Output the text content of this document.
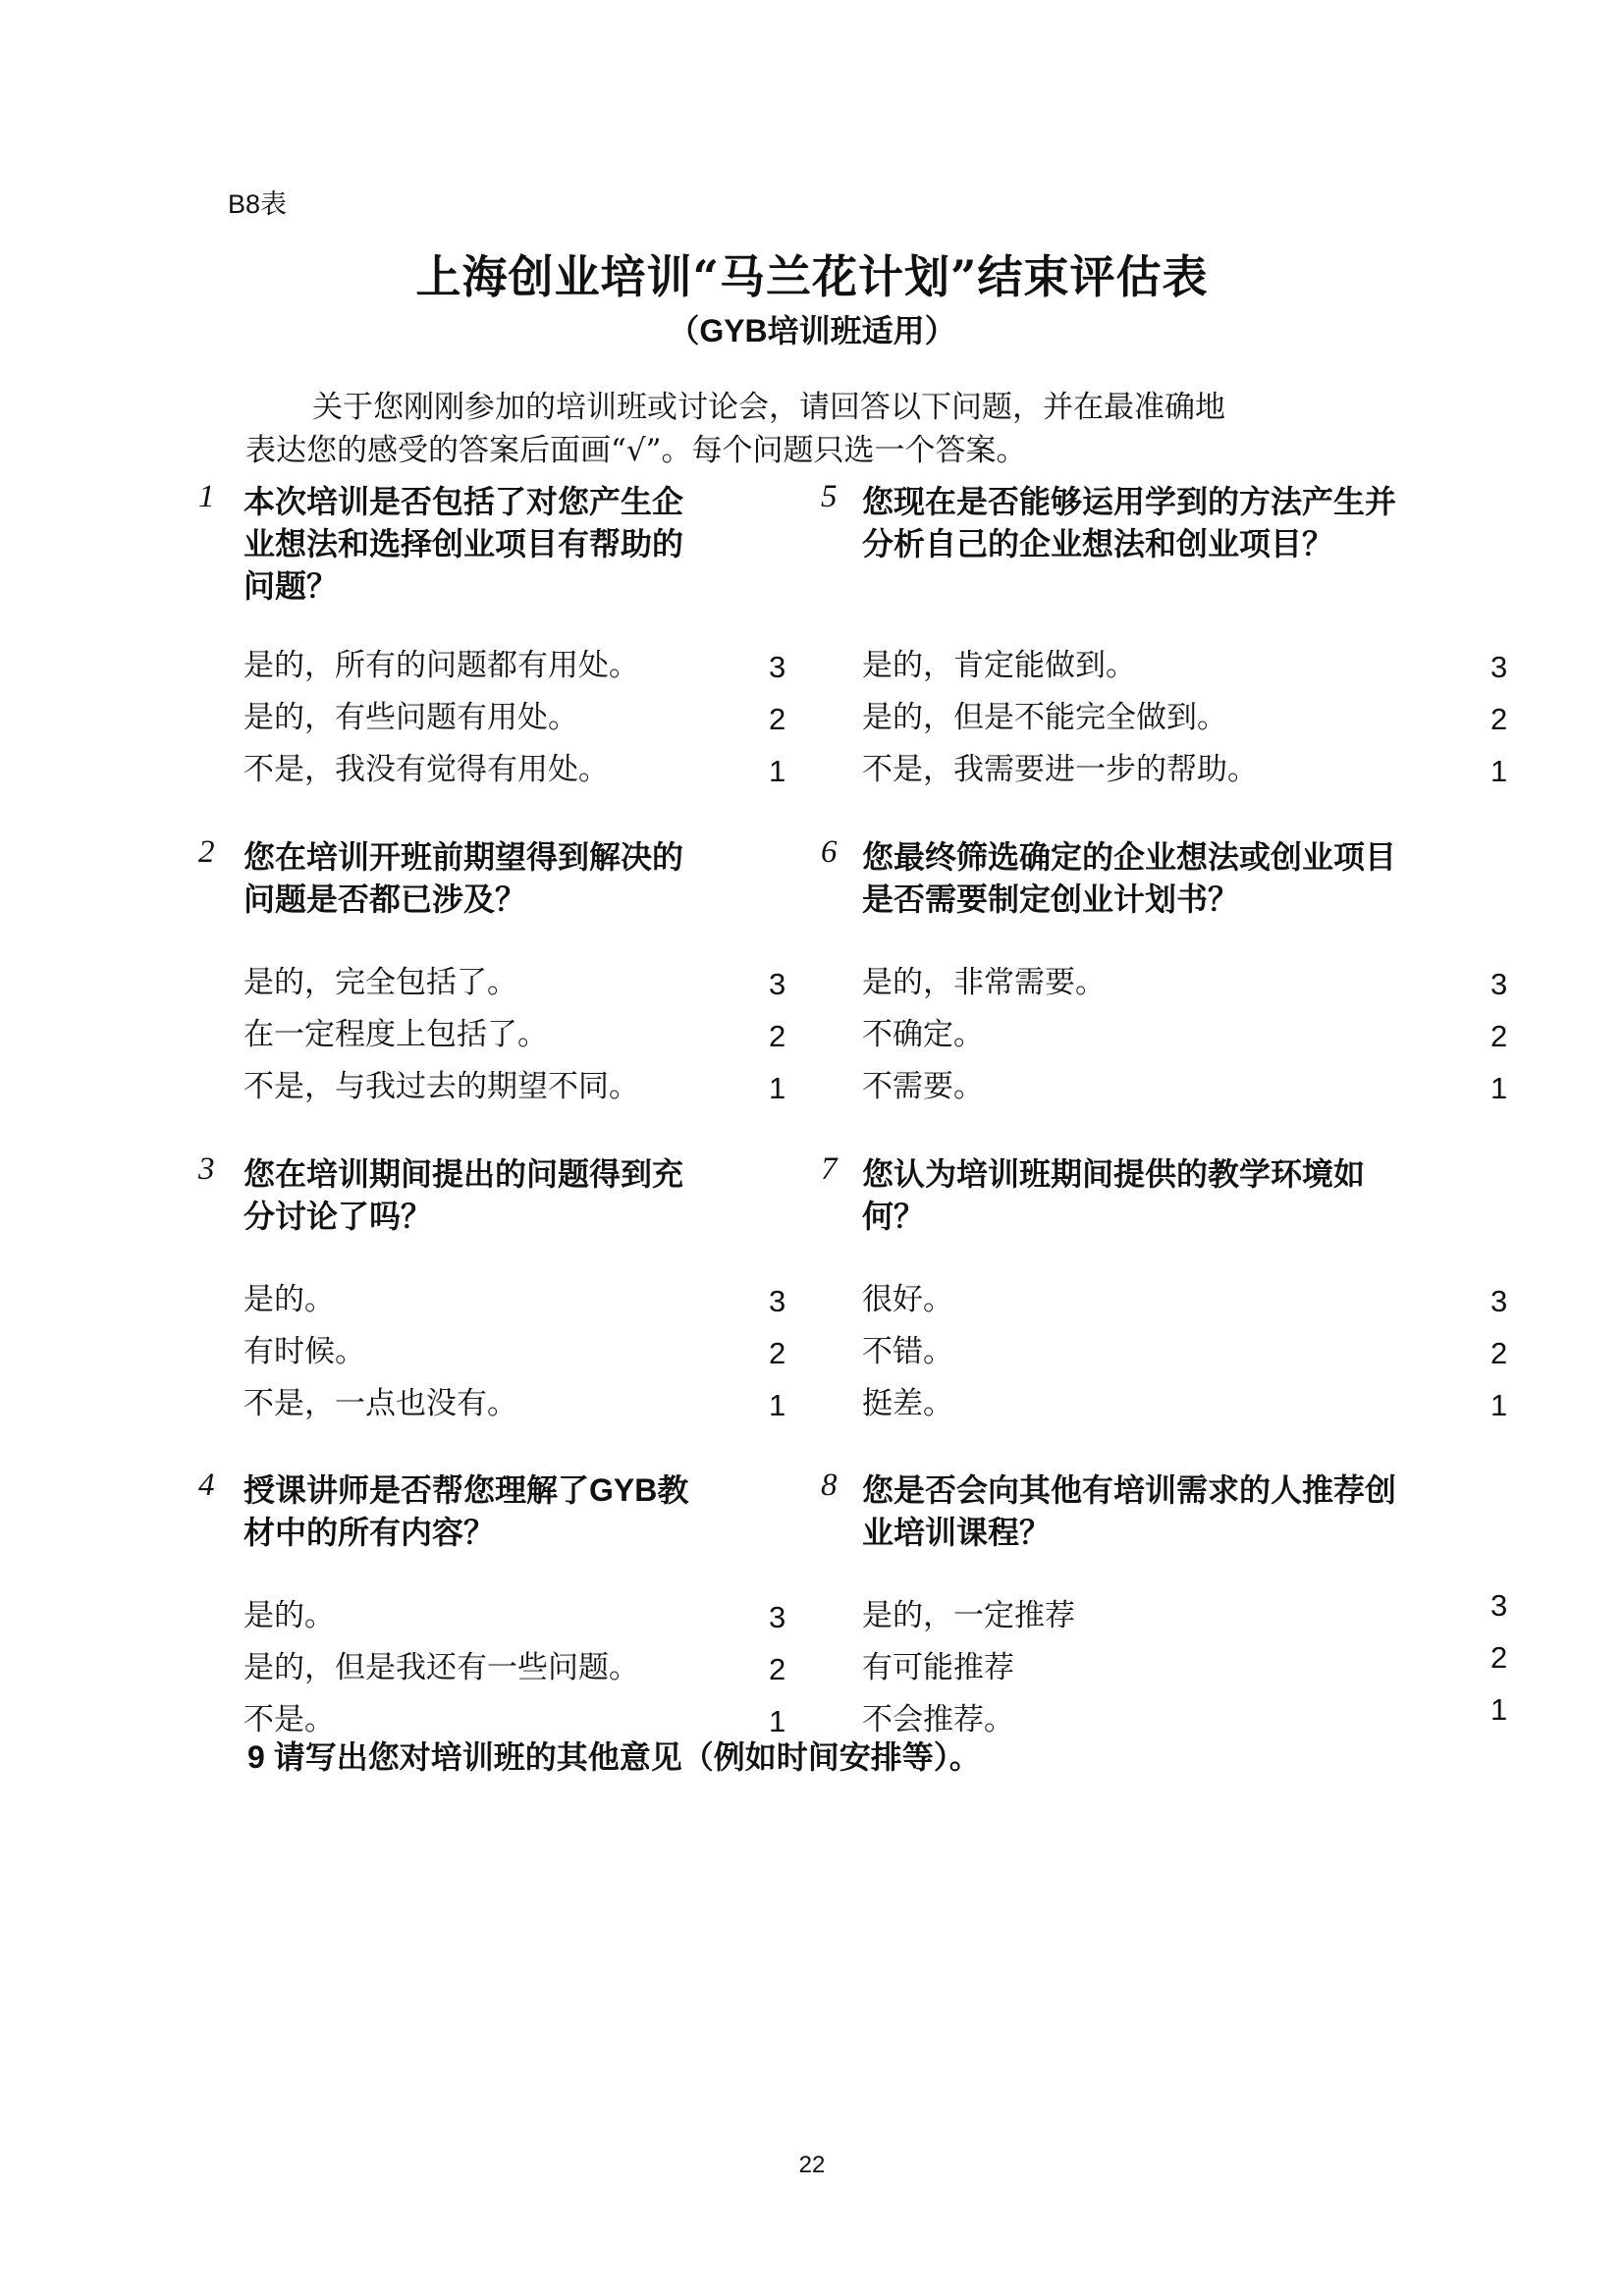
B8表
上海创业培训“马兰花计划”结束评估表
（GYB培训班适用）
关于您刚刚参加的培训班或讨论会，请回答以下问题，并在最准确地
表达您的感受的答案后面画“√”。每个问题只选一个答案。
1 本次培训是否包括了对您产生企业想法和选择创业项目有帮助的问题？
是的，所有的问题都有用处。	3
是的，有些问题有用处。	2
不是，我没有觉得有用处。	1
2 您在培训开班前期望得到解决的问题是否都已涉及？
是的，完全包括了。	3
在一定程度上包括了。	2
不是，与我过去的期望不同。	1
3 您在培训期间提出的问题得到充分讨论了吗？
是的。	3
有时候。	2
不是，一点也没有。	1
4 授课讲师是否帮您理解了GYB教材中的所有内容？
是的。	3
是的，但是我还有一些问题。	2
不是。	1
5 您现在是否能够运用学到的方法产生并分析自己的企业想法和创业项目？
是的，肯定能做到。	3
是的，但是不能完全做到。	2
不是，我需要进一步的帮助。	1
6 您最终筛选确定的企业想法或创业项目是否需要制定创业计划书？
是的，非常需要。	3
不确定。	2
不需要。	1
7 您认为培训班期间提供的教学环境如何？
很好。	3
不错。	2
挺差。	1
8 您是否会向其他有培训需求的人推荐创业培训课程？
是的，一定推荐	3
有可能推荐	2
不会推荐。	1
9 请写出您对培训班的其他意见（例如时间安排等）。
22
